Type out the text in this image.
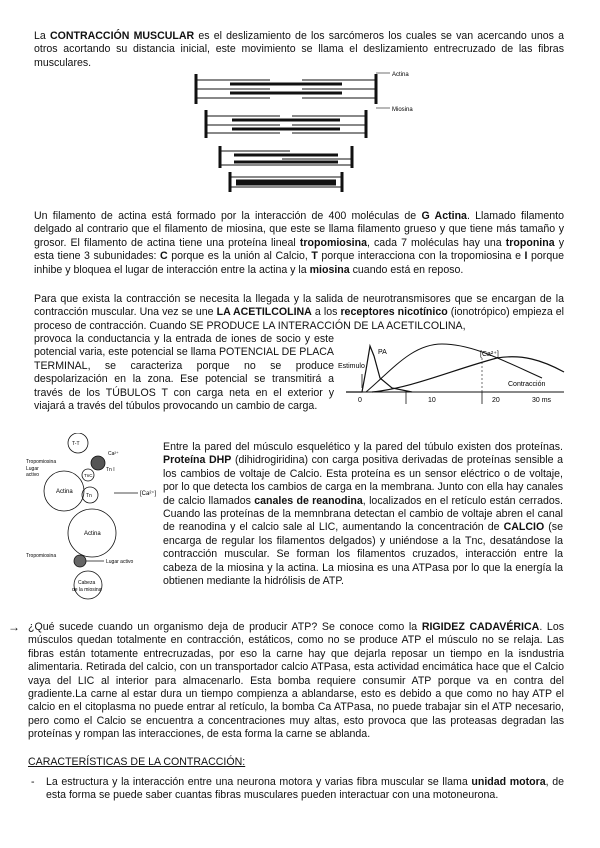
La CONTRACCIÓN MUSCULAR es el deslizamiento de los sarcómeros los cuales se van acercando unos a otros acortando su distancia inicial, este movimiento se llama el deslizamiento entrecruzado de las fibras musculares.

Actina
Miosina

Un filamento de actina está formado por la interacción de 400 moléculas de G Actina. Llamado filamento delgado al contrario que el filamento de miosina, que este se llama filamento grueso y que tiene más tamaño y grosor. El filamento de actina tiene una proteína lineal tropomiosina, cada 7 moléculas hay una troponina y esta tiene 3 subunidades: C porque es la unión al Calcio, T porque interacciona con la tropomiosina e I porque inhibe y bloquea el lugar de interacción entre la actina y la miosina cuando está en reposo.

Para que exista la contracción se necesita la llegada y la salida de neurotransmisores que se encargan de la contracción muscular. Una vez se une LA ACETILCOLINA a los receptores nicotínico (ionotrópico) empieza el proceso de contracción. Cuando SE PRODUCE LA INTERACCIÓN DE LA ACETILCOLINA,

provoca la conductancia y la entrada de iones de socio y este potencial varia, este potencial se llama POTENCIAL DE PLACA TERMINAL, se caracteriza porque no se produce despolarización en la zona. Ese potencial se transmitirá a través de los TÚBULOS T con carga neta en el exterior y viajará a través del túbulos provocando un cambio de carga.

Estimulo
PA	[Ca²⁺]
Contracción
0	10	20	30 ms
T-T
Ca²⁺
Tropomiosina
Lugar
activo	TnC
Tn I
Actina
Tn	[Ca²⁺]
Actina
Tropomiosina
Lugar activo
Cabeza
de la miosina

Entre la pared del músculo esquelético y la pared del túbulo existen dos proteínas. Proteína DHP (dihidrogiridina) con carga positiva derivadas de proteínas sensible a los cambios de voltaje de Calcio. Esta proteína es un sensor eléctrico o de voltaje, por lo que detecta los cambios de carga en la membrana. Junto con ella hay canales de calcio llamados canales de reanodina, localizados en el retículo están cerrados. Cuando las proteínas de la memnbrana detectan el cambio de voltaje abren el canal de reanodina y el calcio sale al LIC, aumentando la concentración de CALCIO (se encarga de regular los filamentos delgados) y uniéndose a la Tnc, desatándose la contracción muscular. Se forman los filamentos cruzados, interacción entre la cabeza de la miosina y la actina. La miosina es una ATPasa por lo que la energía la obtienen mediante la hidrólisis de ATP.

→ ¿Qué sucede cuando un organismo deja de producir ATP? Se conoce como la RIGIDEZ CADAVÉRICA. Los músculos quedan totalmente en contracción, estáticos, como no se produce ATP el músculo no se relaja. Las fibras están totamente entrecruzadas, por eso la carne hay que dejarla reposar un tiempo en la isndustria alimentaria. Retirada del calcio, con un transportador calcio ATPasa, esta actividad encimática hace que el Calcio vaya del LIC al interior para almacenarlo. Esta bomba requiere consumir ATP porque va en contra del gradiente.La carne al estar dura un tiempo compienza a ablandarse, esto es debido a que como no hay ATP el calcio en el citoplasma no puede entrar al retículo, la bomba Ca ATPasa, no puede trabajar sin el ATP necesario, pero como el Calcio se encuentra a concentraciones muy altas, esto provoca que las proteasas degradan las proteínas y rompan las interacciones, de esta forma la carne se ablanda.

CARACTERÍSTICAS DE LA CONTRACCIÓN:

- La estructura y la interacción entre una neurona motora y varias fibra muscular se llama unidad motora, de esta forma se puede saber cuantas fibras musculares pueden interactuar con una motoneurona.
